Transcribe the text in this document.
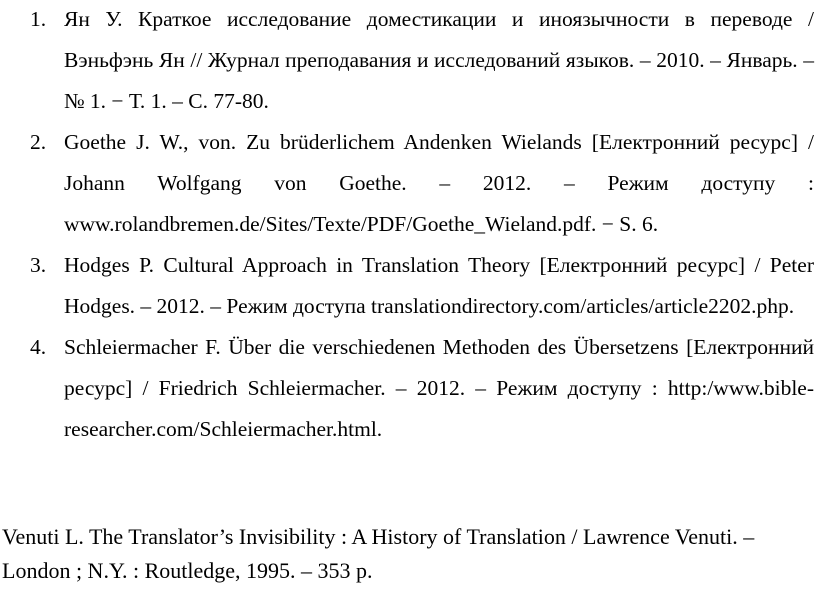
1. Ян У. Краткое исследование доместикации и иноязычности в переводе / Вэньфэнь Ян // Журнал преподавания и исследований языков. – 2010. – Январь. – № 1. − Т. 1. – С. 77-80.
2. Goethe J. W., von. Zu brüderlichem Andenken Wielands [Електронний ресурс] / Johann Wolfgang von Goethe. – 2012. – Режим доступу : www.rolandbremen.de/Sites/Texte/PDF/Goethe_Wieland.pdf. − S. 6.
3. Hodges P. Cultural Approach in Translation Theory [Електронний ресурс] / Peter Hodges. – 2012. – Режим доступа translationdirectory.com/articles/article2202.php.
4. Schleiermacher F. Über die verschiedenen Methoden des Übersetzens [Електронний ресурс] / Friedrich Schleiermacher. – 2012. – Режим доступу : http:/www.bible-researcher.com/Schleiermacher.html.

Venuti L. The Translator’s Invisibility : A History of Translation / Lawrence Venuti. – London ; N.Y. : Routledge, 1995. – 353 p.
